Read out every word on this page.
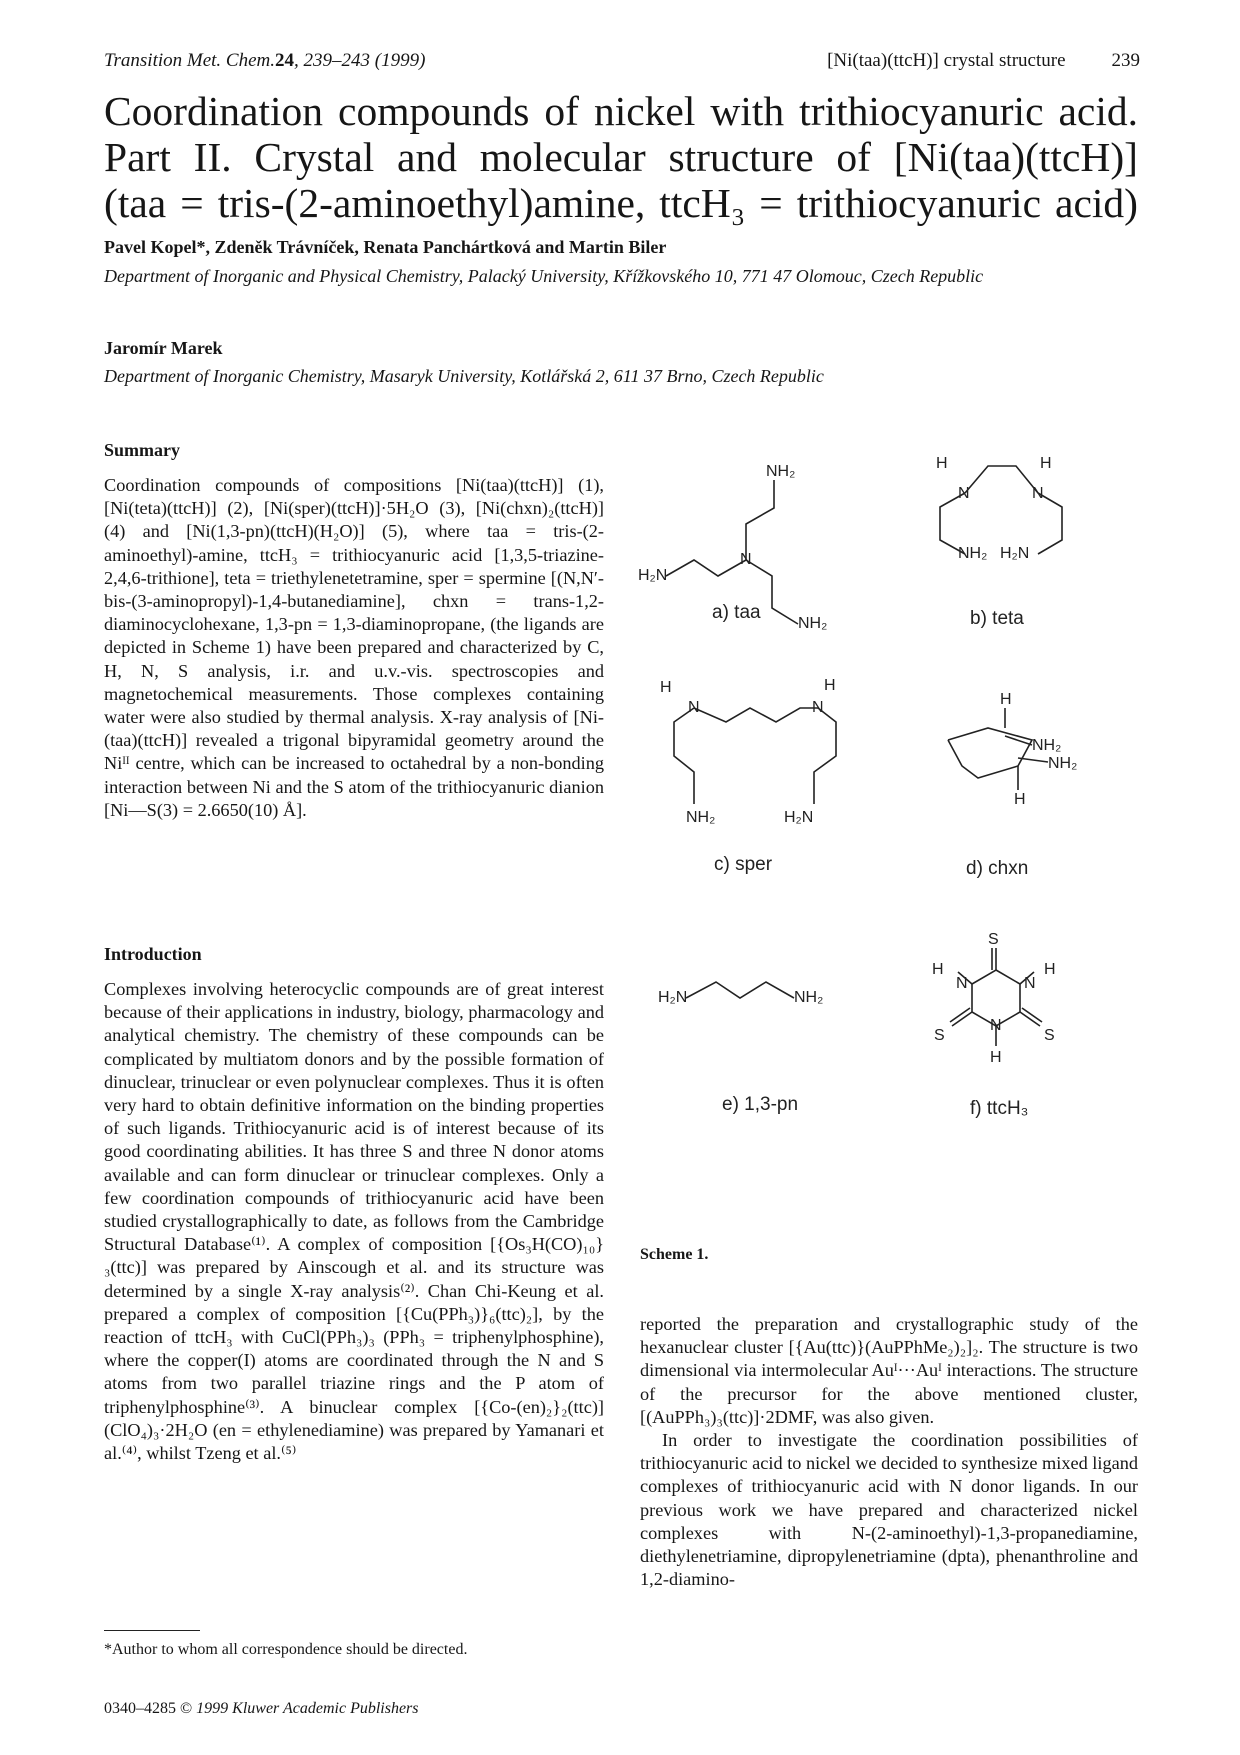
Transition Met. Chem.24, 239–243 (1999)	[Ni(taa)(ttcH)] crystal structure 239
Coordination compounds of nickel with trithiocyanuric acid.
Part II. Crystal and molecular structure of [Ni(taa)(ttcH)]
(taa = tris-(2-aminoethyl)amine, ttcH₃ = trithiocyanuric acid)
Pavel Kopel*, Zdeněk Trávníček, Renata Panchártková and Martin Biler
Department of Inorganic and Physical Chemistry, Palacký University, Křížkovského 10, 771 47 Olomouc, Czech Republic
Jaromír Marek
Department of Inorganic Chemistry, Masaryk University, Kotlářská 2, 611 37 Brno, Czech Republic
Summary

Coordination compounds of compositions [Ni(taa)(ttcH)] (1), [Ni(teta)(ttcH)] (2), [Ni(sper)(ttcH)]·5H₂O (3), [Ni(chxn)₂(ttcH)] (4) and [Ni(1,3-pn)(ttcH)(H₂O)] (5), where taa = tris-(2-aminoethyl)-amine, ttcH₃ = trithiocyanuric acid [1,3,5-triazine-2,4,6-trithione], teta = triethylenetetramine, sper = spermine [(N,N′-bis-(3-aminopropyl)-1,4-butanediamine], chxn = trans-1,2-diaminocyclohexane, 1,3-pn = 1,3-diaminopropane, (the ligands are depicted in Scheme 1) have been prepared and characterized by C, H, N, S analysis, i.r. and u.v.-vis. spectroscopies and magnetochemical measurements. Those complexes containing water were also studied by thermal analysis. X-ray analysis of [Ni-(taa)(ttcH)] revealed a trigonal bipyramidal geometry around the Niᴵᴵ centre, which can be increased to octahedral by a non-bonding interaction between Ni and the S atom of the trithiocyanuric dianion [Ni—S(3) = 2.6650(10) Å].

Introduction

Complexes involving heterocyclic compounds are of great interest because of their applications in industry, biology, pharmacology and analytical chemistry. The chemistry of these compounds can be complicated by multiatom donors and by the possible formation of dinuclear, trinuclear or even polynuclear complexes. Thus it is often very hard to obtain definitive information on the binding properties of such ligands. Trithiocyanuric acid is of interest because of its good coordinating abilities. It has three S and three N donor atoms available and can form dinuclear or trinuclear complexes. Only a few coordination compounds of trithiocyanuric acid have been studied crystallographically to date, as follows from the Cambridge Structural Database⁽¹⁾. A complex of composition [{Os₃H(CO)₁₀}₃(ttc)] was prepared by Ainscough et al. and its structure was determined by a single X-ray analysis⁽²⁾. Chan Chi-Keung et al. prepared a complex of composition [{Cu(PPh₃)}₆(ttc)₂], by the reaction of ttcH₃ with CuCl(PPh₃)₃ (PPh₃ = triphenylphosphine), where the copper(I) atoms are coordinated through the N and S atoms from two parallel triazine rings and the P atom of triphenylphosphine⁽³⁾. A binuclear complex [{Co-(en)₂}₂(ttc)](ClO₄)₃·2H₂O (en = ethylenediamine) was prepared by Yamanari et al.⁽⁴⁾, whilst Tzeng et al.⁽⁵⁾

reported the preparation and crystallographic study of the hexanuclear cluster [{Au(ttc)}(AuPPhMe₂)₂]₂. The structure is two dimensional via intermolecular Auᴵ···Auᴵ interactions. The structure of the precursor for the above mentioned cluster, [(AuPPh₃)₃(ttc)]·2DMF, was also given.

In order to investigate the coordination possibilities of trithiocyanuric acid to nickel we decided to synthesize mixed ligand complexes of trithiocyanuric acid with N donor ligands. In our previous work we have prepared and characterized nickel complexes with N-(2-aminoethyl)-1,3-propanediamine, diethylenetriamine, dipropylenetriamine (dpta), phenanthroline and 1,2-diamino-

*Author to whom all correspondence should be directed.
0340–4285 © 1999 Kluwer Academic Publishers
NH₂
N
H₂N
NH₂
a) taa
H
N
H
N
NH₂ H₂N
b) teta
H
N
H
N
NH₂	H₂N
c) sper
H
NH₂
NH₂
H
d) chxn
H₂N	NH₂
e) 1,3-pn
S
H
N	N
H
S	S
N
H
f) ttcH₃
Scheme 1.
